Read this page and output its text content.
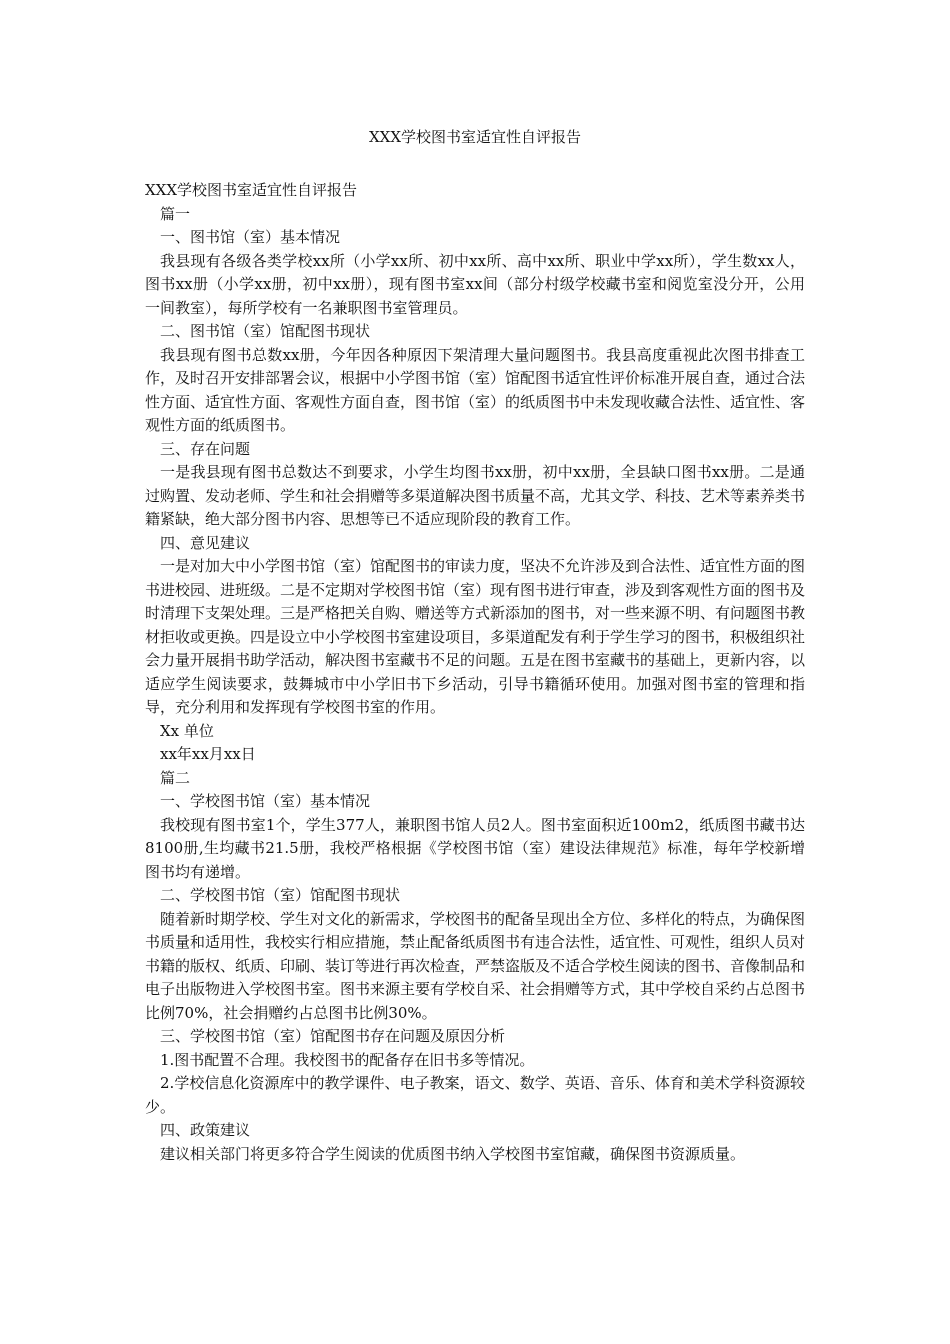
XXX学校图书室适宜性自评报告

XXX学校图书室适宜性自评报告

篇一

一、图书馆（室）基本情况

我县现有各级各类学校xx所（小学xx所、初中xx所、高中xx所、职业中学xx所），学生数xx人，图书xx册（小学xx册，初中xx册），现有图书室xx间（部分村级学校藏书室和阅览室没分开，公用一间教室），每所学校有一名兼职图书室管理员。

二、图书馆（室）馆配图书现状

我县现有图书总数xx册，今年因各种原因下架清理大量问题图书。我县高度重视此次图书排查工作，及时召开安排部署会议，根据中小学图书馆（室）馆配图书适宜性评价标准开展自查，通过合法性方面、适宜性方面、客观性方面自查，图书馆（室）的纸质图书中未发现收藏合法性、适宜性、客观性方面的纸质图书。

三、存在问题

一是我县现有图书总数达不到要求，小学生均图书xx册，初中xx册，全县缺口图书xx册。二是通过购置、发动老师、学生和社会捐赠等多渠道解决图书质量不高，尤其文学、科技、艺术等素养类书籍紧缺，绝大部分图书内容、思想等已不适应现阶段的教育工作。

四、意见建议

一是对加大中小学图书馆（室）馆配图书的审读力度，坚决不允许涉及到合法性、适宜性方面的图书进校园、进班级。二是不定期对学校图书馆（室）现有图书进行审查，涉及到客观性方面的图书及时清理下支架处理。三是严格把关自购、赠送等方式新添加的图书，对一些来源不明、有问题图书教材拒收或更换。四是设立中小学校图书室建设项目，多渠道配发有利于学生学习的图书，积极组织社会力量开展捐书助学活动，解决图书室藏书不足的问题。五是在图书室藏书的基础上，更新内容，以适应学生阅读要求，鼓舞城市中小学旧书下乡活动，引导书籍循环使用。加强对图书室的管理和指导，充分利用和发挥现有学校图书室的作用。

Xx 单位

xx年xx月xx日

篇二

一、学校图书馆（室）基本情况

我校现有图书室1个，学生377人，兼职图书馆人员2人。图书室面积近100m2，纸质图书藏书达8100册,生均藏书21.5册，我校严格根据《学校图书馆（室）建设法律规范》标准，每年学校新增图书均有递增。

二、学校图书馆（室）馆配图书现状

随着新时期学校、学生对文化的新需求，学校图书的配备呈现出全方位、多样化的特点，为确保图书质量和适用性，我校实行相应措施，禁止配备纸质图书有违合法性，适宜性、可观性，组织人员对书籍的版权、纸质、印刷、装订等进行再次检查，严禁盗版及不适合学校生阅读的图书、音像制品和电子出版物进入学校图书室。图书来源主要有学校自采、社会捐赠等方式，其中学校自采约占总图书比例70%，社会捐赠约占总图书比例30%。

三、学校图书馆（室）馆配图书存在问题及原因分析

1.图书配置不合理。我校图书的配备存在旧书多等情况。

2.学校信息化资源库中的教学课件、电子教案，语文、数学、英语、音乐、体育和美术学科资源较少。

四、政策建议

建议相关部门将更多符合学生阅读的优质图书纳入学校图书室馆藏，确保图书资源质量。
